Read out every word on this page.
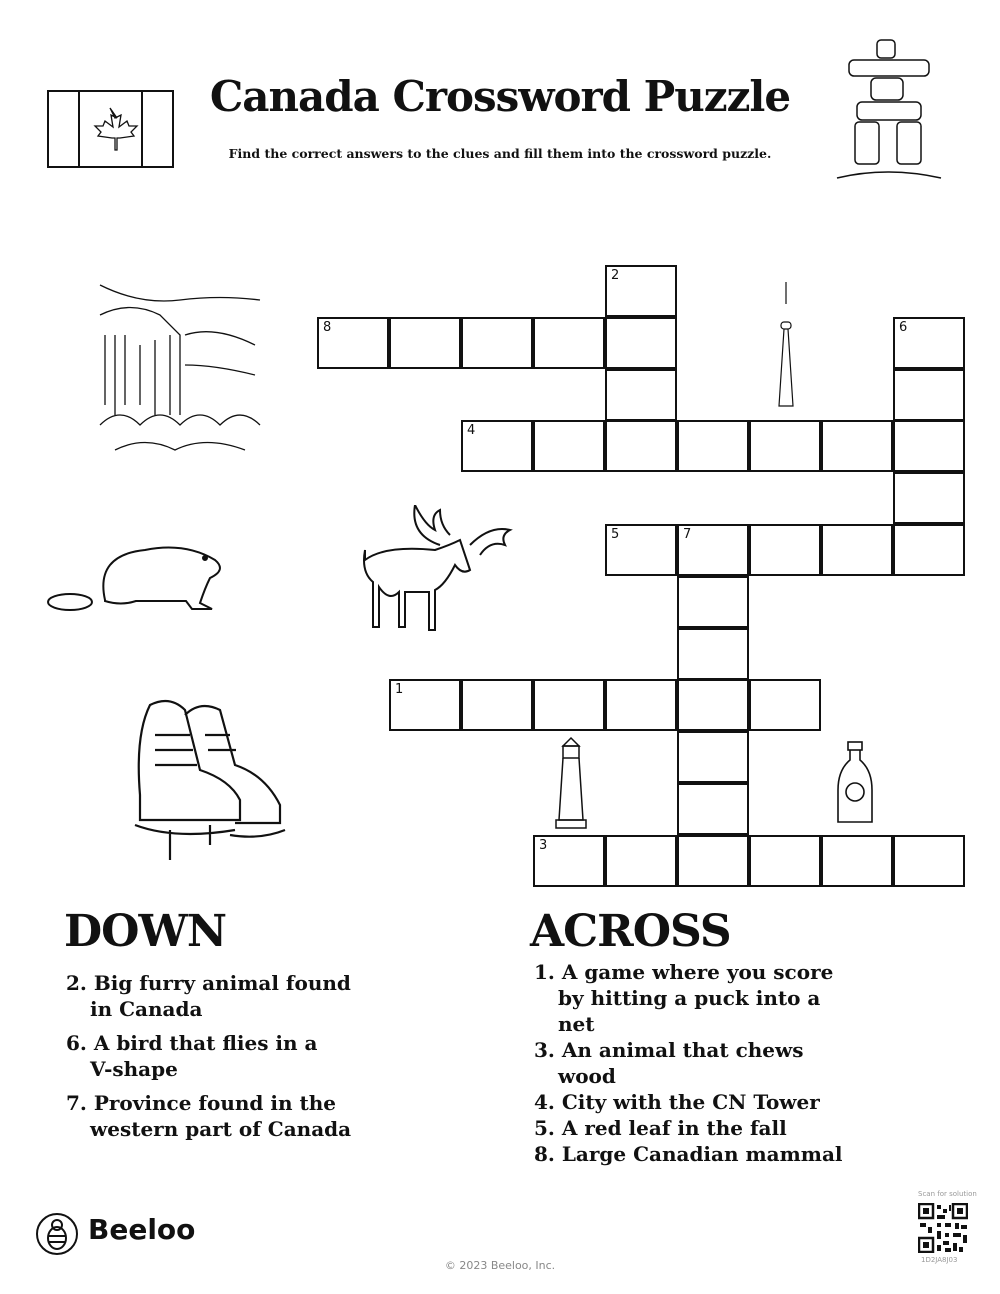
Canada Crossword Puzzle
Find the correct answers to the clues and fill them into the crossword puzzle.
2
8	6
4
5	7
1
3
DOWN
2. Big furry animal found
in Canada
6. A bird that flies in a
V-shape
7. Province found in the
western part of Canada
ACROSS
1. A game where you score
by hitting a puck into a
net
3. An animal that chews
wood
4. City with the CN Tower
5. A red leaf in the fall
8. Large Canadian mammal
Beeloo
© 2023 Beeloo, Inc.
Scan for solution
1D2JA8J03
